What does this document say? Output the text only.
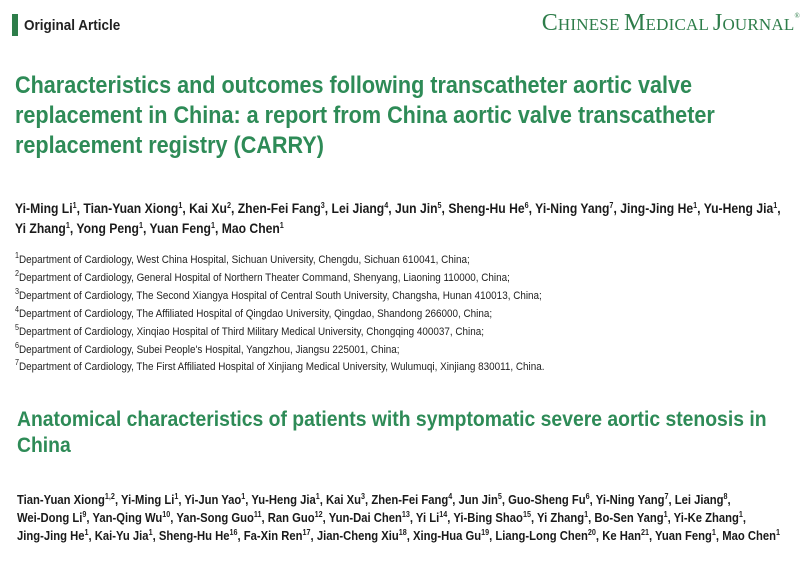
Original Article	CHINESE MEDICAL JOURNAL®
Characteristics and outcomes following transcatheter aortic valve replacement in China: a report from China aortic valve transcatheter replacement registry (CARRY)

Yi-Ming Li$^1$, Tian-Yuan Xiong$^1$, Kai Xu$^2$, Zhen-Fei Fang$^3$, Lei Jiang$^4$, Jun Jin$^5$, Sheng-Hu He$^6$, Yi-Ning Yang$^7$, Jing-Jing He$^1$, Yu-Heng Jia$^1$, Yi Zhang$^1$, Yong Peng$^1$, Yuan Feng$^1$, Mao Chen$^1$

$^1$Department of Cardiology, West China Hospital, Sichuan University, Chengdu, Sichuan 610041, China;
$^2$Department of Cardiology, General Hospital of Northern Theater Command, Shenyang, Liaoning 110000, China;
$^3$Department of Cardiology, The Second Xiangya Hospital of Central South University, Changsha, Hunan 410013, China;
$^4$Department of Cardiology, The Affiliated Hospital of Qingdao University, Qingdao, Shandong 266000, China;
$^5$Department of Cardiology, Xinqiao Hospital of Third Military Medical University, Chongqing 400037, China;
$^6$Department of Cardiology, Subei People's Hospital, Yangzhou, Jiangsu 225001, China;
$^7$Department of Cardiology, The First Affiliated Hospital of Xinjiang Medical University, Wulumuqi, Xinjiang 830011, China.
Anatomical characteristics of patients with symptomatic severe aortic stenosis in China

Tian-Yuan Xiong$^{1,2}$, Yi-Ming Li$^1$, Yi-Jun Yao$^1$, Yu-Heng Jia$^1$, Kai Xu$^3$, Zhen-Fei Fang$^4$, Jun Jin$^5$, Guo-Sheng Fu$^6$, Yi-Ning Yang$^7$, Lei Jiang$^8$, Wei-Dong Li$^9$, Yan-Qing Wu$^{10}$, Yan-Song Guo$^{11}$, Ran Guo$^{12}$, Yun-Dai Chen$^{13}$, Yi Li$^{14}$, Yi-Bing Shao$^{15}$, Yi Zhang$^1$, Bo-Sen Yang$^1$, Yi-Ke Zhang$^1$, Jing-Jing He$^1$, Kai-Yu Jia$^1$, Sheng-Hu He$^{16}$, Fa-Xin Ren$^{17}$, Jian-Cheng Xiu$^{18}$, Xing-Hua Gu$^{19}$, Liang-Long Chen$^{20}$, Ke Han$^{21}$, Yuan Feng$^1$, Mao Chen$^1$
